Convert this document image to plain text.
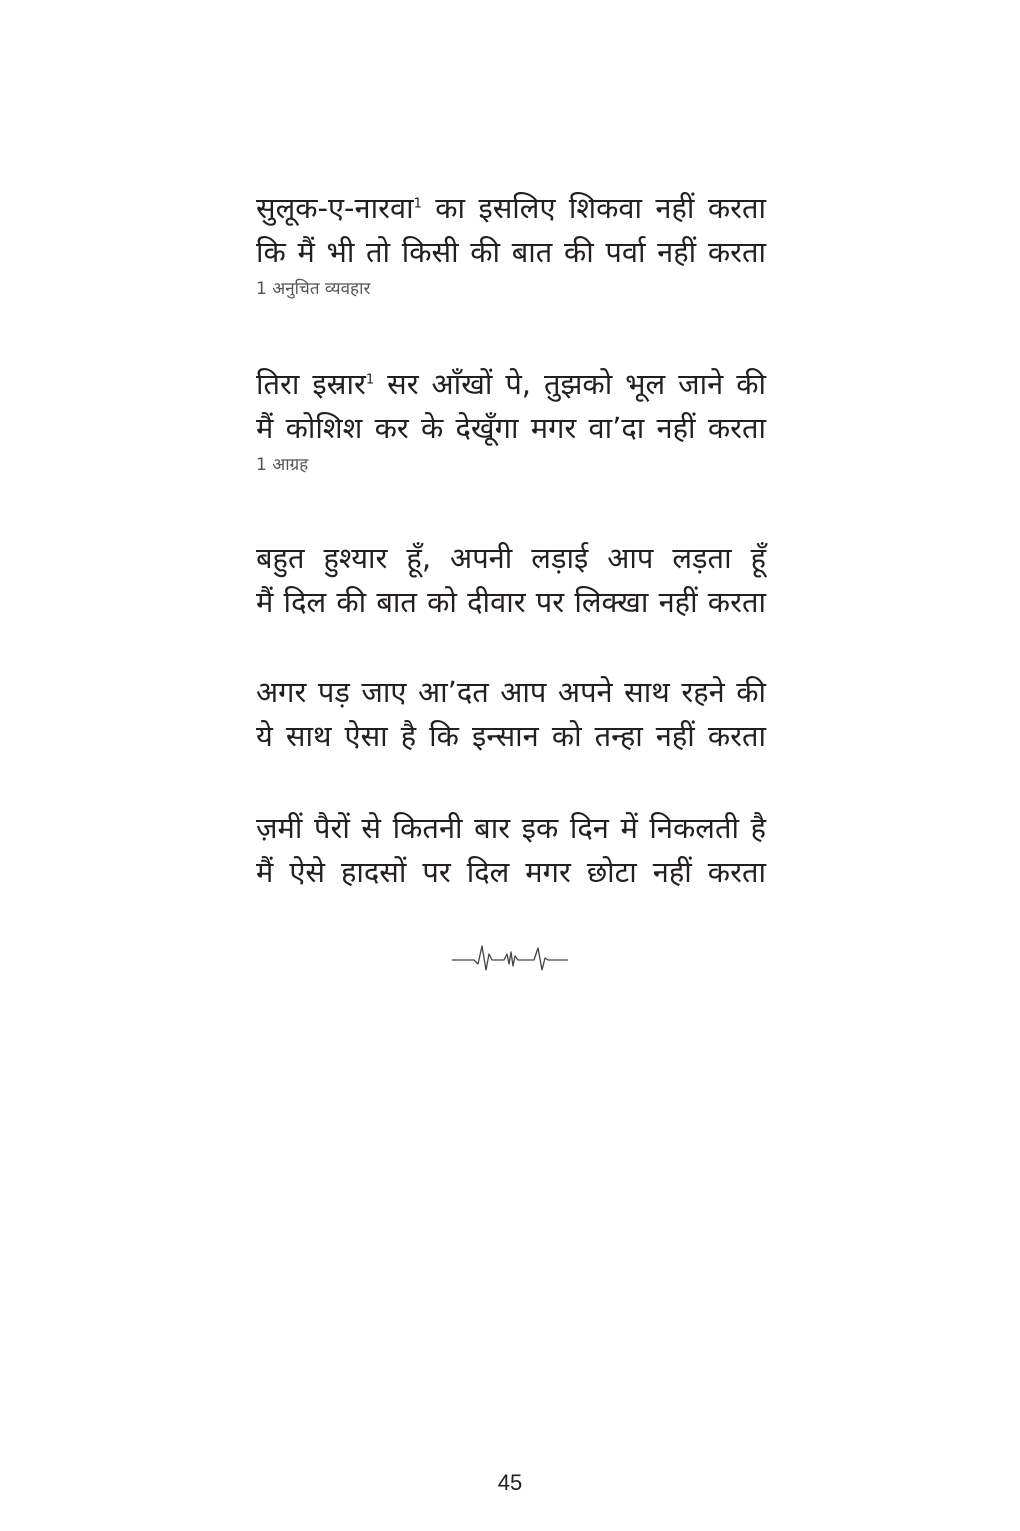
सुलूक-ए-नारवा$^1$ का इसलिए शिकवा नहीं करता
कि मैं भी तो किसी की बात की पर्वा नहीं करता
1 अनुचित व्यवहार
तिरा इस्रार$^1$ सर आँखों पे, तुझको भूल जाने की
मैं कोशिश कर के देखूँगा मगर वा’दा नहीं करता
1 आग्रह
बहुत हुश्यार हूँ, अपनी लड़ाई आप लड़ता हूँ
मैं दिल की बात को दीवार पर लिक्खा नहीं करता
अगर पड़ जाए आ’दत आप अपने साथ रहने की
ये साथ ऐसा है कि इन्सान को तन्हा नहीं करता
ज़मीं पैरों से कितनी बार इक दिन में निकलती है
मैं ऐसे हादसों पर दिल मगर छोटा नहीं करता
45
